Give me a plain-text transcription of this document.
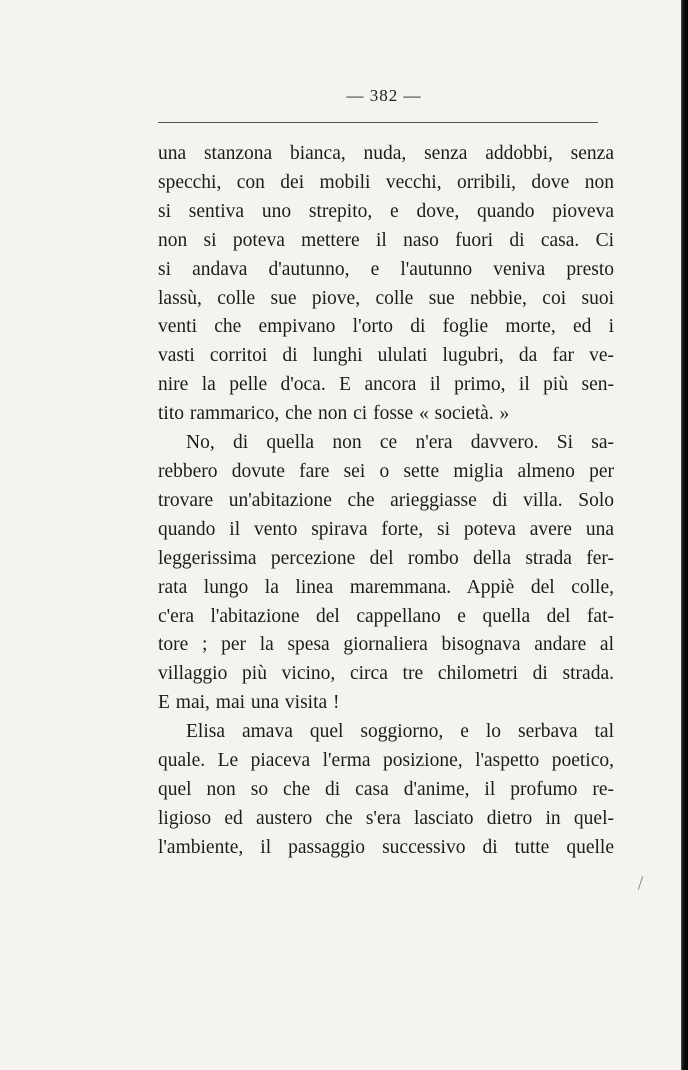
— 382 —

una stanzona bianca, nuda, senza addobbi, senza
specchi, con dei mobili vecchi, orribili, dove non
si sentiva uno strepito, e dove, quando pioveva
non si poteva mettere il naso fuori di casa. Ci
si andava d'autunno, e l'autunno veniva presto
lassù, colle sue piove, colle sue nebbie, coi suoi
venti che empivano l'orto di foglie morte, ed i
vasti corritoi di lunghi ululati lugubri, da far ve-
nire la pelle d'oca. E ancora il primo, il più sen-
tito rammarico, che non ci fosse « società. »

No, di quella non ce n'era davvero. Si sa-
rebbero dovute fare sei o sette miglia almeno per
trovare un'abitazione che arieggiasse di villa. Solo
quando il vento spirava forte, si poteva avere una
leggerissima percezione del rombo della strada fer-
rata lungo la linea maremmana. Appiè del colle,
c'era l'abitazione del cappellano e quella del fat-
tore ; per la spesa giornaliera bisognava andare al
villaggio più vicino, circa tre chilometri di strada.
E mai, mai una visita !

Elisa amava quel soggiorno, e lo serbava tal
quale. Le piaceva l'erma posizione, l'aspetto poetico,
quel non so che di casa d'anime, il profumo re-
ligioso ed austero che s'era lasciato dietro in quel-
l'ambiente, il passaggio successivo di tutte quelle
